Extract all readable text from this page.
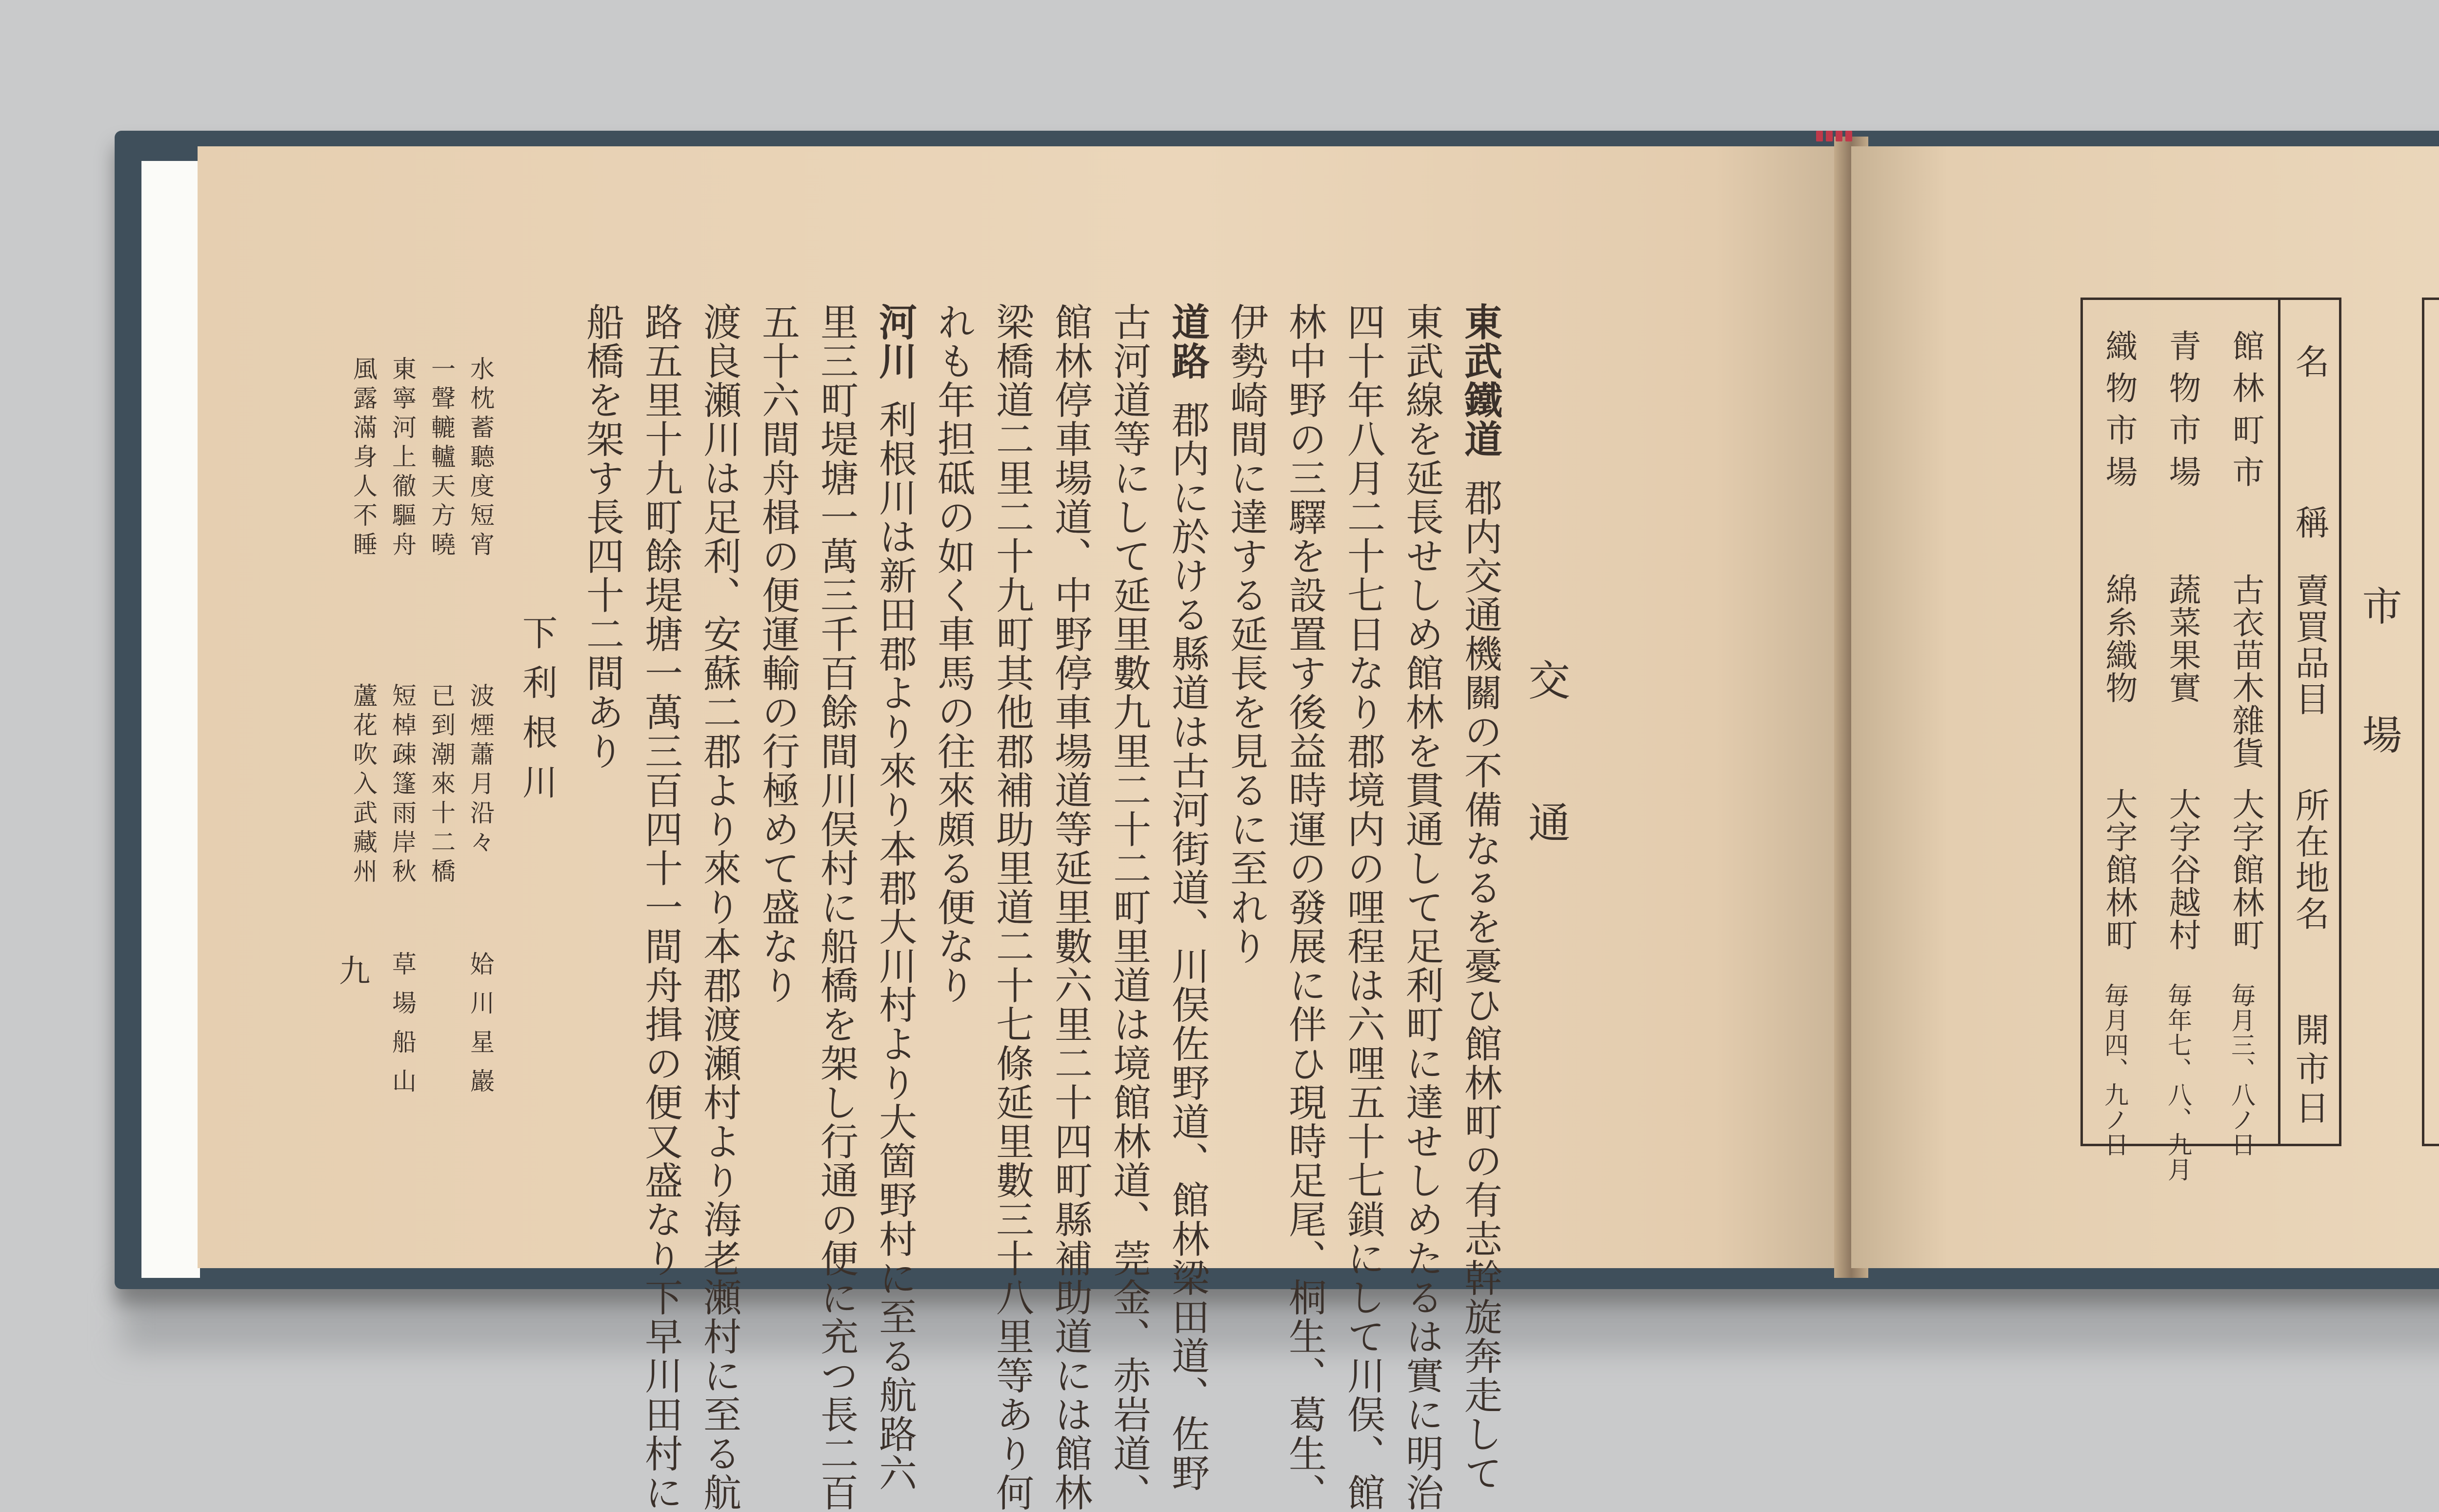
交　通
東武鐵道
郡内交通機關の不備なるを憂ひ館林町の有志幹旋奔走して
東武線を延長せしめ館林を貫通して足利町に達せしめたるは實に明治
四十年八月二十七日なり郡境内の哩程は六哩五十七鎖にして川俣、館
林中野の三驛を設置す後益時運の發展に伴ひ現時足尾、桐生、葛生、
伊勢崎間に達する延長を見るに至れり
道路
郡内に於ける縣道は古河街道、川俣佐野道、館林梁田道、佐野
古河道等にして延里數九里二十二町里道は境館林道、莞金、赤岩道、
館林停車場道、中野停車場道等延里數六里二十四町縣補助道には館林
梁橋道二里二十九町其他郡補助里道二十七條延里數三十八里等あり何
れも年担砥の如く車馬の往來頗る便なり
河川
利根川は新田郡より來り本郡大川村より大箇野村に至る航路六
里三町堤塘一萬三千百餘間川俣村に船橋を架し行通の便に充つ長二百
五十六間舟楫の便運輸の行極めて盛なり
渡良瀬川は足利、安蘇二郡より來り本郡渡瀬村より海老瀬村に至る航
路五里十九町餘堤塘一萬三百四十一間舟揖の便又盛なり下早川田村に
船橋を架す長四十二間あり
下利根川
水枕蓄聽度短宵
波煙蕭月沿々
姶川星巖
一聲轆轤天方曉
已到潮來十二橋
東寧河上徹驅舟
短棹疎篷雨岸秋
風露滿身人不睡
蘆花吹入武藏州
草場船山
九
市　場
名　　稱
賣買品目
所在地名
開市日
館林町市
古衣苗木雜貨
大字館林町
毎月三、八ノ日
青物市場
蔬菜果實
大字谷越村
毎年七、八、九月
織物市場
綿糸織物
大字館林町
毎月四、九ノ日
